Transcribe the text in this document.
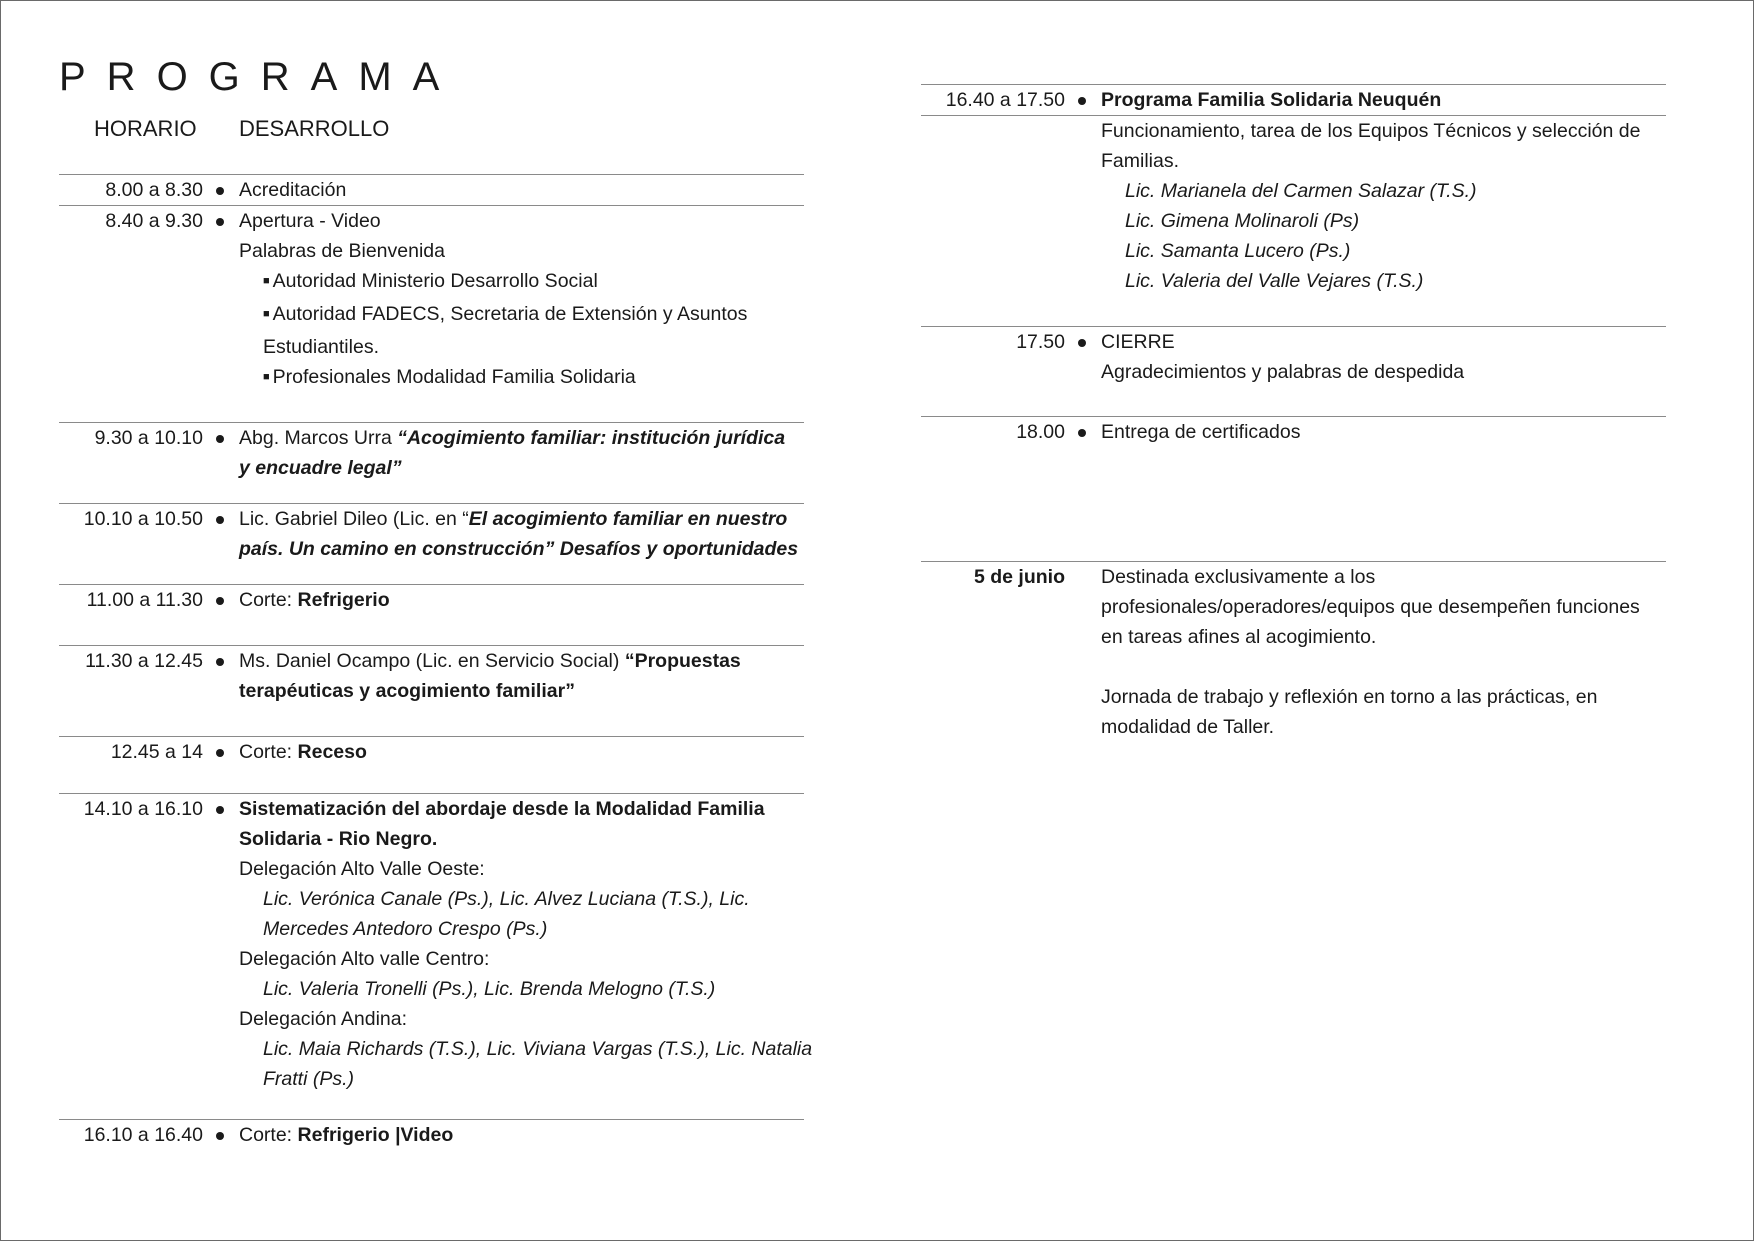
PROGRAMA
HORARIO DESARROLLO
8.00 a 8.30 Acreditación
8.40 a 9.30 Apertura - Video
Palabras de Bienvenida
■ Autoridad Ministerio Desarrollo Social
■ Autoridad FADECS, Secretaria de Extensión y Asuntos
Estudiantiles.
■ Profesionales Modalidad Familia Solidaria
9.30 a 10.10 Abg. Marcos Urra “Acogimiento familiar: institución jurídica
y encuadre legal”
10.10 a 10.50 Lic. Gabriel Dileo (Lic. en “El acogimiento familiar en nuestro
país. Un camino en construcción” Desafíos y oportunidades
11.00 a 11.30 Corte: Refrigerio
11.30 a 12.45 Ms. Daniel Ocampo (Lic. en Servicio Social) “Propuestas
terapéuticas y acogimiento familiar”
12.45 a 14 Corte: Receso
14.10 a 16.10 Sistematización del abordaje desde la Modalidad Familia
Solidaria - Rio Negro.
Delegación Alto Valle Oeste:
Lic. Verónica Canale (Ps.), Lic. Alvez Luciana (T.S.), Lic.
Mercedes Antedoro Crespo (Ps.)
Delegación Alto valle Centro:
Lic. Valeria Tronelli (Ps.), Lic. Brenda Melogno (T.S.)
Delegación Andina:
Lic. Maia Richards (T.S.), Lic. Viviana Vargas (T.S.), Lic. Natalia
Fratti (Ps.)
16.10 a 16.40 Corte: Refrigerio |Video
16.40 a 17.50	Programa Familia Solidaria Neuquén
Funcionamiento, tarea de los Equipos Técnicos y selección de
Familias.
Lic. Marianela del Carmen Salazar (T.S.)
Lic. Gimena Molinaroli (Ps)
Lic. Samanta Lucero (Ps.)
Lic. Valeria del Valle Vejares (T.S.)
17.50 CIERRE
Agradecimientos y palabras de despedida
18.00 Entrega de certificados
5 de junio Destinada exclusivamente a los
profesionales/operadores/equipos que desempeñen funciones
en tareas afines al acogimiento.
Jornada de trabajo y reflexión en torno a las prácticas, en
modalidad de Taller.
